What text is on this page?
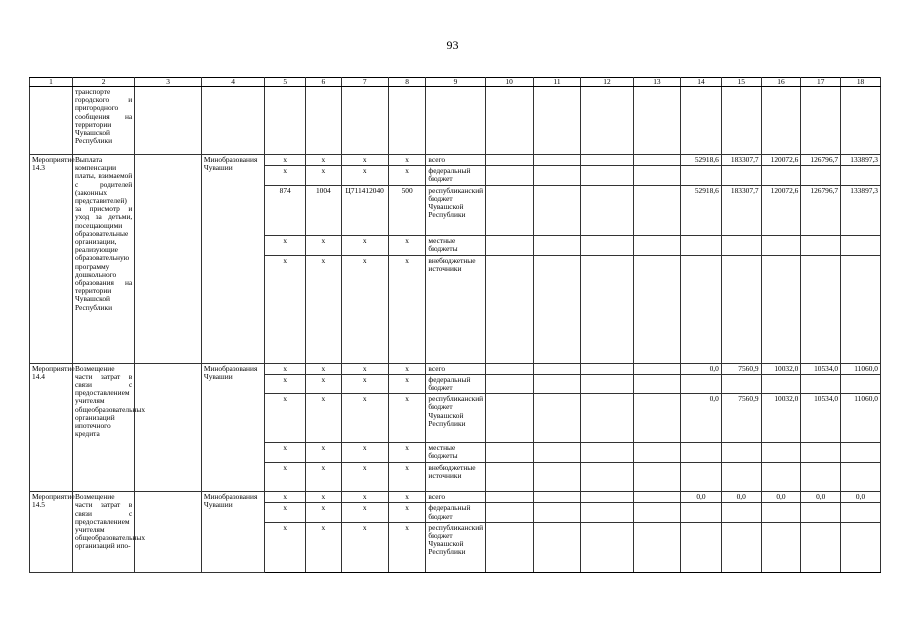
93
1	2	3	4	5	6	7	8	9	10	11	12	13	14	15	16	17	18
	транспорте городского и пригородного сообщения на территории Чувашской Республики																
Мероприятие 14.3	Выплата компенсации платы, взимаемой с родителей (законных представителей) за присмотр и уход за детьми, посещающими образовательные организации, реализующие образовательную программу дошкольного образования на территории Чувашской Республики		Минобразования Чувашии	x	x	x	x	всего					52918,6	183307,7	120072,6	126796,7	133897,3
				x	x	x	x	федеральный бюджет									
				874	1004	Ц711412040	500	республиканский бюджет Чувашской Республики					52918,6	183307,7	120072,6	126796,7	133897,3
				x	x	x	x	местные бюджеты									
				x	x	x	x	внебюджетные источники									
Мероприятие 14.4	Возмещение части затрат в связи с предоставлением учителям общеобразовательных организаций ипотечного кредита		Минобразования Чувашии	x	x	x	x	всего					0,0	7560,9	10032,0	10534,0	11060,0
				x	x	x	x	федеральный бюджет									
				x	x	x	x	республиканский бюджет Чувашской Республики					0,0	7560,9	10032,0	10534,0	11060,0
				x	x	x	x	местные бюджеты									
				x	x	x	x	внебюджетные источники									
Мероприятие 14.5	Возмещение части затрат в связи с предоставлением учителям общеобразовательных организаций ипо-		Минобразования Чувашии	x	x	x	x	всего					0,0	0,0	0,0	0,0	0,0
				x	x	x	x	федеральный бюджет									
				x	x	x	x	республиканский бюджет Чувашской Республики									
